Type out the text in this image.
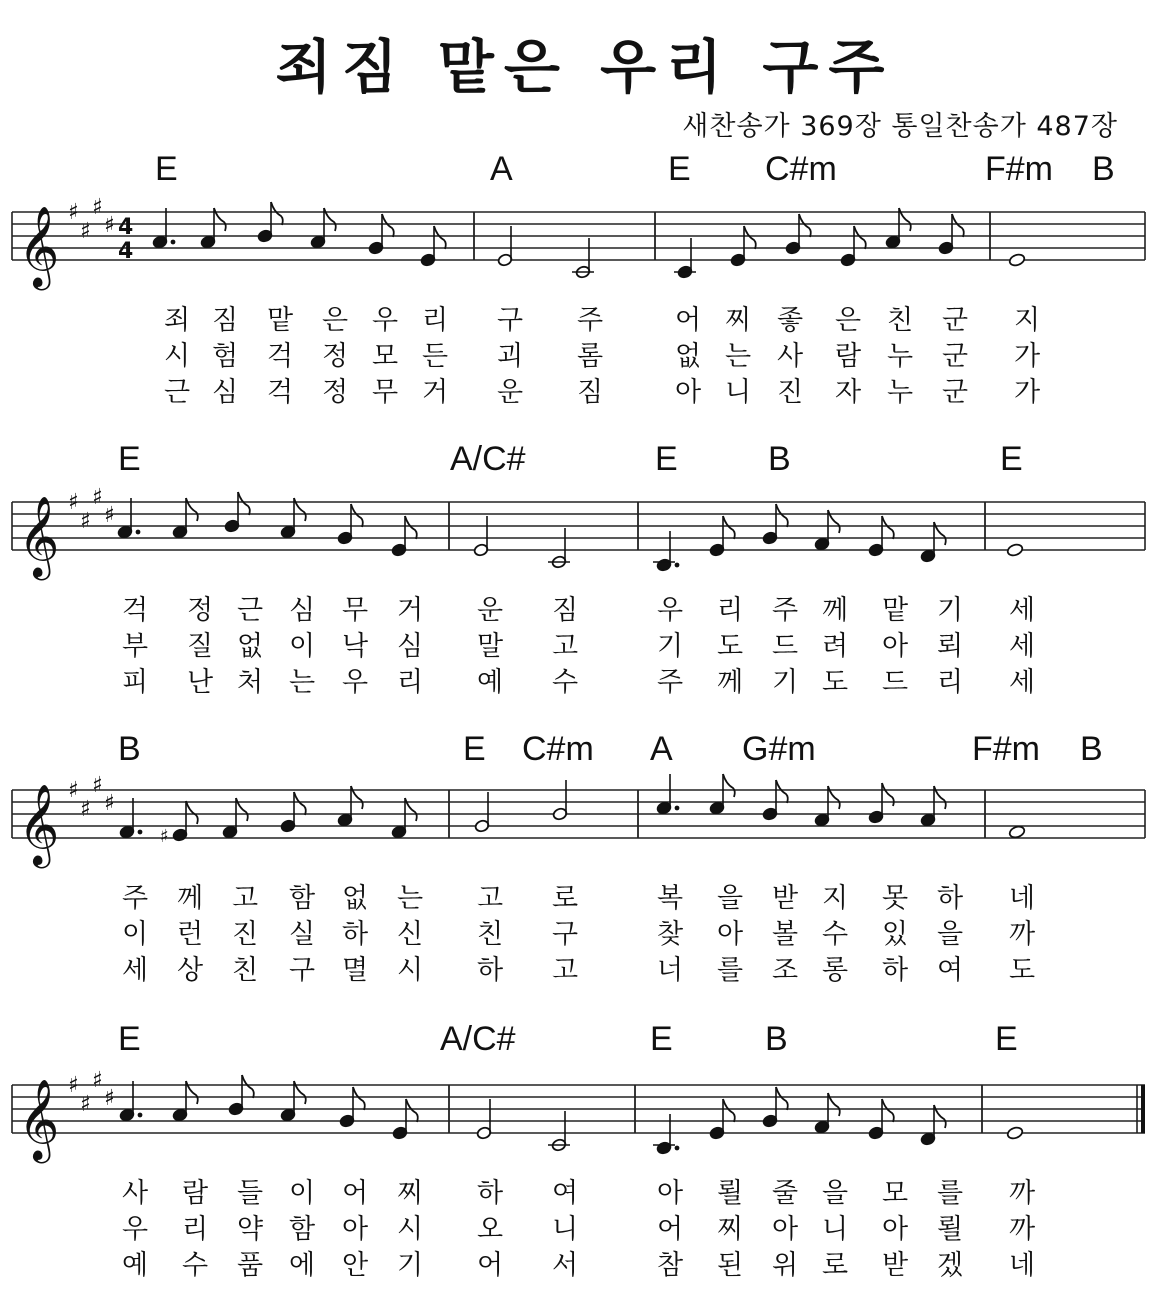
죄짐 맡은 우리 구주
새찬송가 369장 통일찬송가 487장
E	A	E C#m	F#m B
𝄞 ♯
♯
♯
♯ 4
4
죄 짐 맡 은 우 리 구 주	어 찌 좋 은 친 군 지
시 험 걱 정 모 든 괴 롬	없 는 사 람 누 군 가
근 심 걱 정 무 거 운 짐	아 니 진 자 누 군 가
E	A/C#	E	B	E
𝄞 ♯
♯
♯
♯
걱 정 근 심 무 거 운 짐	우 리 주 께 맡 기 세
부 질 없 이 낙 심 말 고	기 도 드 려 아 뢰 세
피 난 처 는 우 리 예 수	주 께 기 도 드 리 세
B	E C#m A G#m	F#m B
𝄞 ♯
♯
♯
♯
♯
주 께 고 함 없 는 고 로	복 을 받 지 못 하 네
이 런 진 실 하 신 친 구	찾 아 볼 수 있 을 까
세 상 친 구 멸 시 하 고	너 를 조 롱 하 여 도
E	A/C#	E	B	E
𝄞 ♯
♯
♯
♯
사 람 들 이 어 찌 하 여	아 뢸 줄 을 모 를 까
우 리 약 함 아 시 오 니	어 찌 아 니 아 뢸 까
예 수 품 에 안 기 어 서	참 된 위 로 받 겠 네
